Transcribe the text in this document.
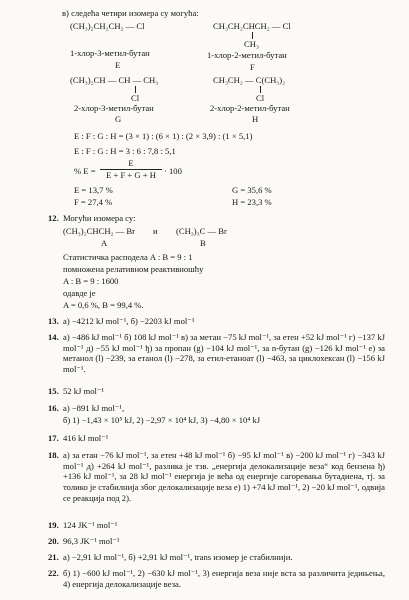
в) следећа четири изомера су могућа:
(CH₃)₂CH₂CH₂ — Cl	CH₃CH₂CHCH₂ — Cl
CH₃
1-хлор-3-метил-бутан	1-хлор-2-метил-бутан
E	F
(CH₃)₂CH — CH — CH₃
Cl
CH₃CH₂ — C(CH₃)₂
Cl
2-хлор-3-метил-бутан	2-хлор-2-метил-бутан
G	H
E : F : G : H = (3 × 1) : (6 × 1) : (2 × 3,9) : (1 × 5,1)
E : F : G : H = 3 : 6 : 7,8 : 5,1
% E =
E
E + F + G + H · 100
E = 13,7 %	G = 35,6 %
F = 27,4 %	H = 23,3 %
12. Могући изомера су:
(CH₃)₂CHCH₂ — Br и (CH₃)₃C — Br
A	B
Статистичка расподела A : B = 9 : 1
помножена релативном реактивношћу
A : B = 9 : 1600
одавде је
A = 0,6 %, B = 99,4 %.
13. a) −4212 kJ mol⁻¹, б) −2203 kJ mol⁻¹
14. a) −486 kJ mol⁻¹ б) 108 kJ mol⁻¹ в) за метан −75 kJ mol⁻¹, за етен +52 kJ mol⁻¹ г) −137 kJ mol⁻¹ д) −55 kJ mol⁻¹ ђ) за пропан (g) −104 kJ mol⁻¹, за n-бутан (g) −126 kJ mol⁻¹ е) за метанол (l) −239, за етанол (l) −278, за етил-етаноат (l) −463, за циклохексан (l) −156 kJ mol⁻¹.
15. 52 kJ mol⁻¹
16. a) −891 kJ mol⁻¹,
б) 1) −1,43 × 10⁵ kJ, 2) −2,97 × 10⁴ kJ, 3) −4,80 × 10⁴ kJ
17. 416 kJ mol⁻¹
18. a) за етан −76 kJ mol⁻¹, за етен +48 kJ mol⁻¹ б) −95 kJ mol⁻¹ в) −200 kJ mol⁻¹ г) −343 kJ mol⁻¹ д) +264 kJ mol⁻¹, разлика је тзв. „енергија делокализације веза“ код бензена ђ) +136 kJ mol⁻¹, за 28 kJ mol⁻¹ енергија је већа од енергије сагоревања бутадиена, тј. за толико је стабилнија због делокализације веза е) 1) +74 kJ mol⁻¹, 2) −20 kJ mol⁻¹, одвија се реакција под 2).
19. 124 JK⁻¹ mol⁻¹
20. 96,3 JK⁻¹ mol⁻¹
21. a) −2,91 kJ mol⁻¹, б) +2,91 kJ mol⁻¹, trans изомер је стабилнији.
22. б) 1) −600 kJ mol⁻¹, 2) −630 kJ mol⁻¹, 3) енергија веза није вста за различита једињења, 4) енергија делокализације веза.
